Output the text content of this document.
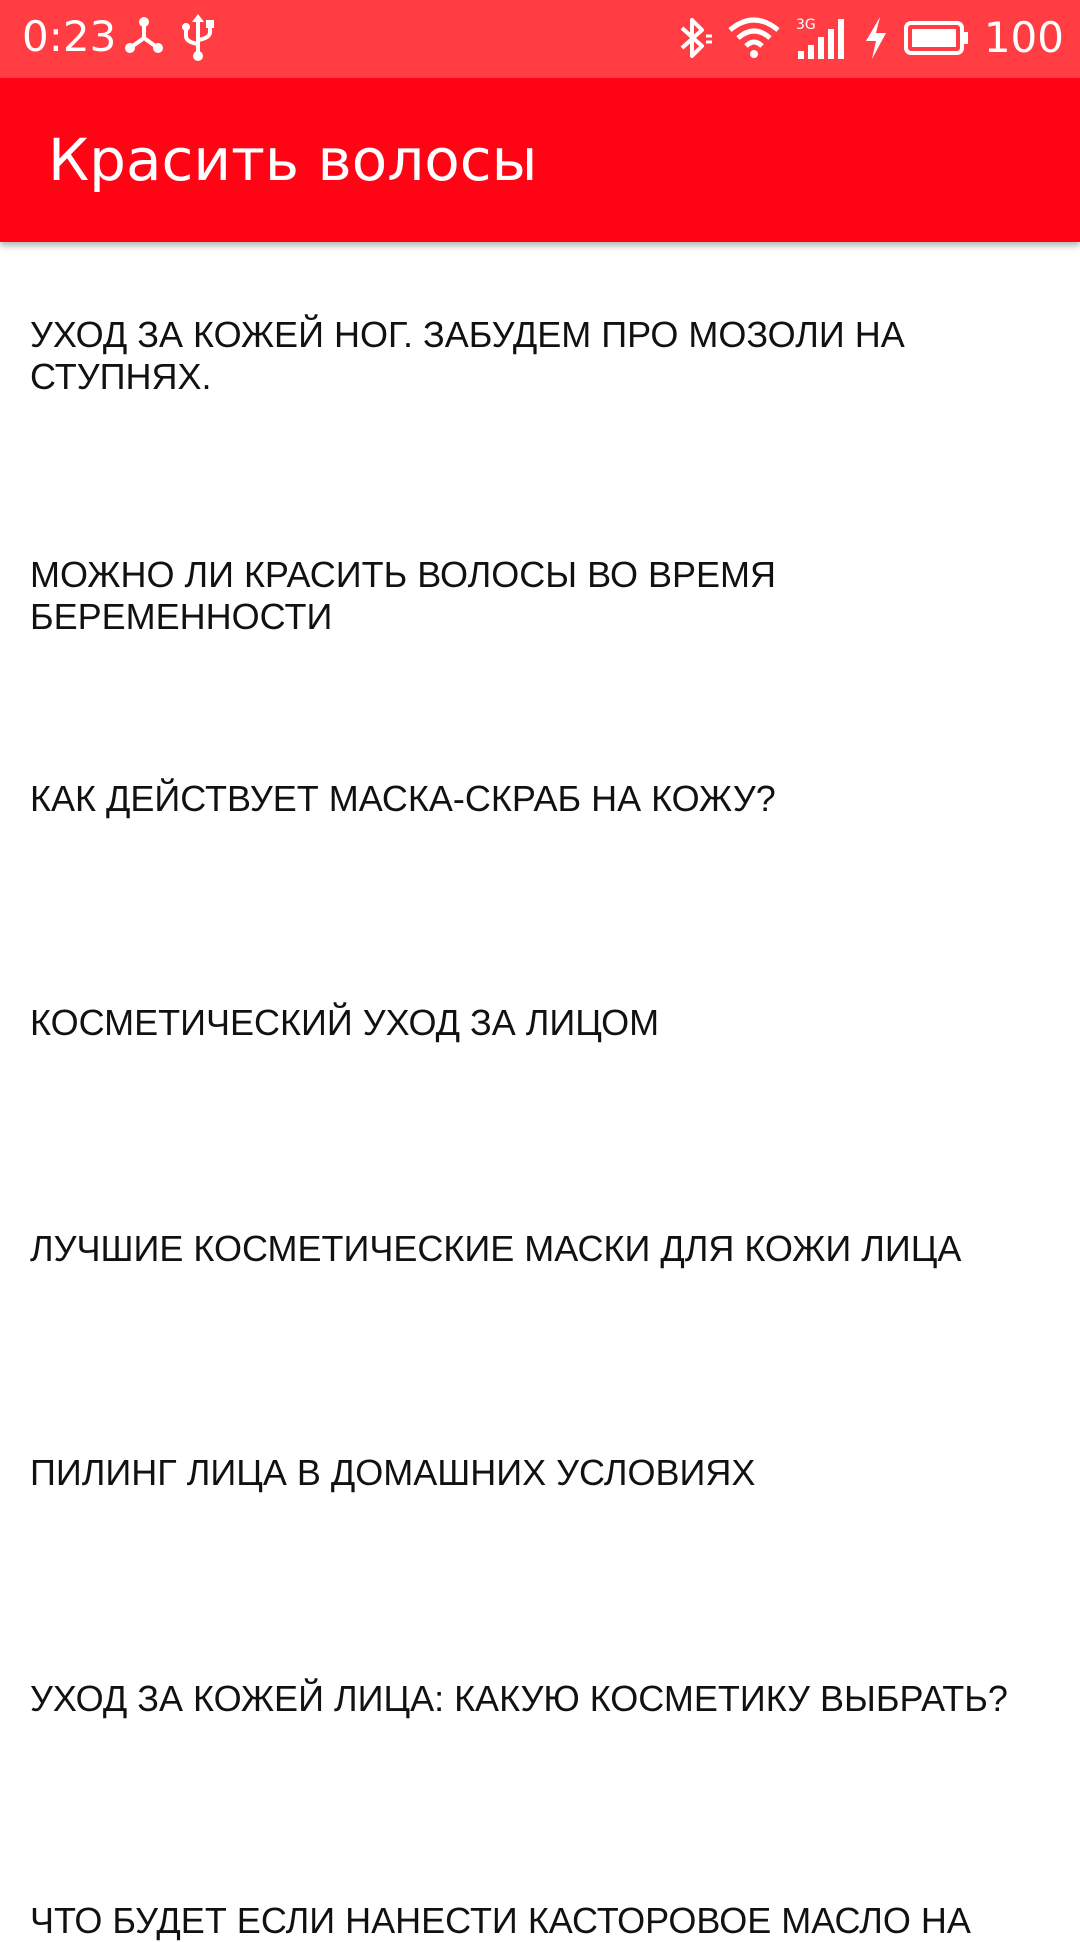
0:23	3G	100
Красить волосы
УХОД ЗА КОЖЕЙ НОГ. ЗАБУДЕМ ПРО МОЗОЛИ НА СТУПНЯХ.
МОЖНО ЛИ КРАСИТЬ ВОЛОСЫ ВО ВРЕМЯ БЕРЕМЕННОСТИ
КАК ДЕЙСТВУЕТ МАСКА-СКРАБ НА КОЖУ?
КОСМЕТИЧЕСКИЙ УХОД ЗА ЛИЦОМ
ЛУЧШИЕ КОСМЕТИЧЕСКИЕ МАСКИ ДЛЯ КОЖИ ЛИЦА
ПИЛИНГ ЛИЦА В ДОМАШНИХ УСЛОВИЯХ
УХОД ЗА КОЖЕЙ ЛИЦА: КАКУЮ КОСМЕТИКУ ВЫБРАТЬ?
ЧТО БУДЕТ ЕСЛИ НАНЕСТИ КАСТОРОВОЕ МАСЛО НА
